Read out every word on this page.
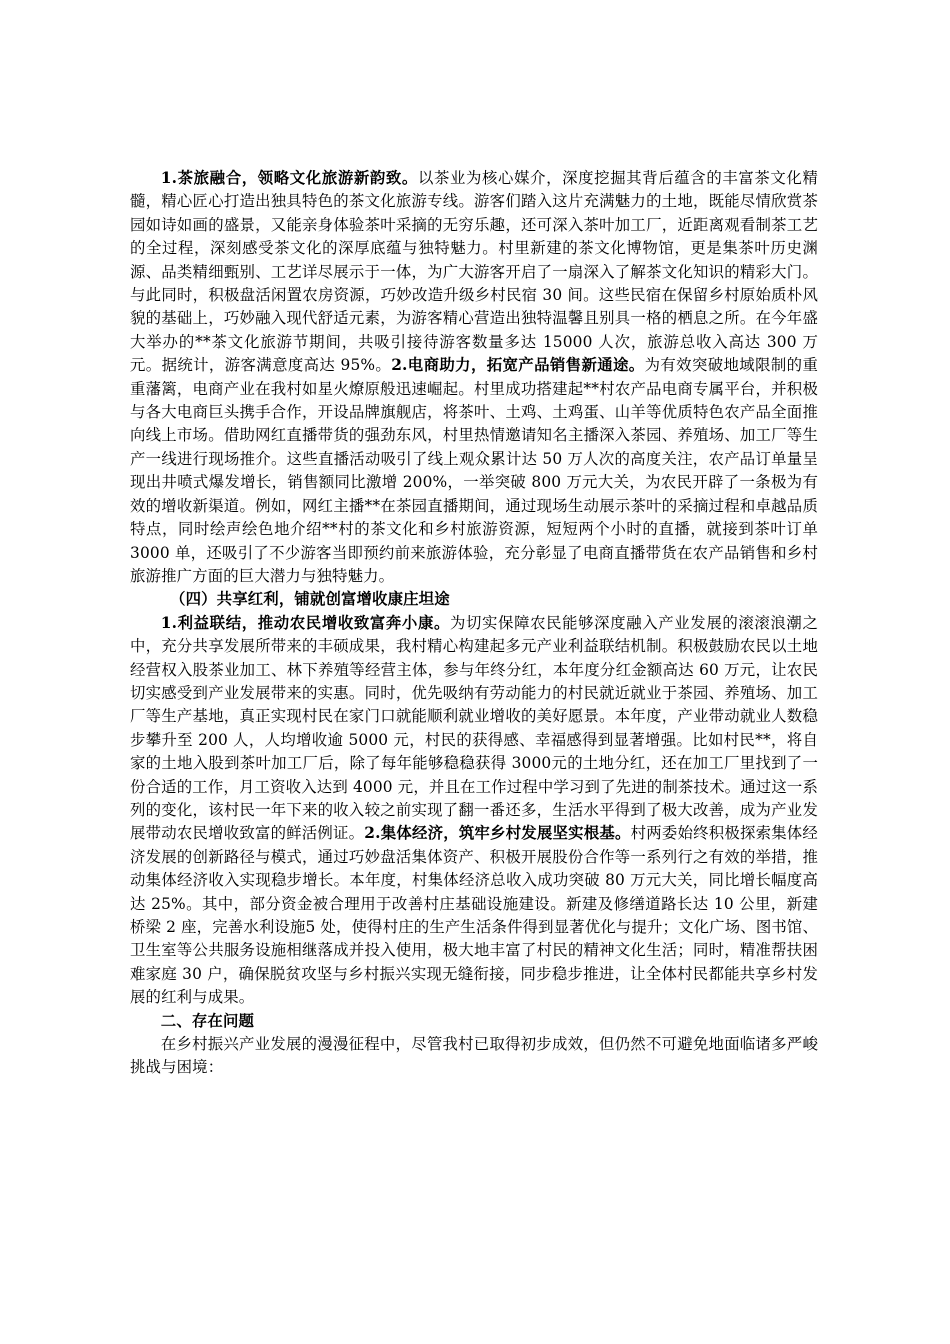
1.茶旅融合，领略文化旅游新韵致。以茶业为核心媒介，深度挖掘其背后蕴含的丰富茶文化精髓，精心匠心打造出独具特色的茶文化旅游专线。游客们踏入这片充满魅力的土地，既能尽情欣赏茶园如诗如画的盛景，又能亲身体验茶叶采摘的无穷乐趣，还可深入茶叶加工厂，近距离观看制茶工艺的全过程，深刻感受茶文化的深厚底蕴与独特魅力。村里新建的茶文化博物馆，更是集茶叶历史渊源、品类精细甄别、工艺详尽展示于一体，为广大游客开启了一扇深入了解茶文化知识的精彩大门。与此同时，积极盘活闲置农房资源，巧妙改造升级乡村民宿 30 间。这些民宿在保留乡村原始质朴风貌的基础上，巧妙融入现代舒适元素，为游客精心营造出独特温馨且别具一格的栖息之所。在今年盛大举办的**茶文化旅游节期间，共吸引接待游客数量多达 15000 人次，旅游总收入高达 300 万元。据统计，游客满意度高达 95%。2.电商助力，拓宽产品销售新通途。为有效突破地域限制的重重藩篱，电商产业在我村如星火燎原般迅速崛起。村里成功搭建起**村农产品电商专属平台，并积极与各大电商巨头携手合作，开设品牌旗舰店，将茶叶、土鸡、土鸡蛋、山羊等优质特色农产品全面推向线上市场。借助网红直播带货的强劲东风，村里热情邀请知名主播深入茶园、养殖场、加工厂等生产一线进行现场推介。这些直播活动吸引了线上观众累计达 50 万人次的高度关注，农产品订单量呈现出井喷式爆发增长，销售额同比激增 200%，一举突破 800 万元大关，为农民开辟了一条极为有效的增收新渠道。例如，网红主播**在茶园直播期间，通过现场生动展示茶叶的采摘过程和卓越品质特点，同时绘声绘色地介绍**村的茶文化和乡村旅游资源，短短两个小时的直播，就接到茶叶订单 3000 单，还吸引了不少游客当即预约前来旅游体验，充分彰显了电商直播带货在农产品销售和乡村旅游推广方面的巨大潜力与独特魅力。

（四）共享红利，铺就创富增收康庄坦途

1.利益联结，推动农民增收致富奔小康。为切实保障农民能够深度融入产业发展的滚滚浪潮之中，充分共享发展所带来的丰硕成果，我村精心构建起多元产业利益联结机制。积极鼓励农民以土地经营权入股茶业加工、林下养殖等经营主体，参与年终分红，本年度分红金额高达 60 万元，让农民切实感受到产业发展带来的实惠。同时，优先吸纳有劳动能力的村民就近就业于茶园、养殖场、加工厂等生产基地，真正实现村民在家门口就能顺利就业增收的美好愿景。本年度，产业带动就业人数稳步攀升至 200 人，人均增收逾 5000 元，村民的获得感、幸福感得到显著增强。比如村民**，将自家的土地入股到茶叶加工厂后，除了每年能够稳稳获得 3000元的土地分红，还在加工厂里找到了一份合适的工作，月工资收入达到 4000 元，并且在工作过程中学习到了先进的制茶技术。通过这一系列的变化，该村民一年下来的收入较之前实现了翻一番还多，生活水平得到了极大改善，成为产业发展带动农民增收致富的鲜活例证。2.集体经济，筑牢乡村发展坚实根基。村两委始终积极探索集体经济发展的创新路径与模式，通过巧妙盘活集体资产、积极开展股份合作等一系列行之有效的举措，推动集体经济收入实现稳步增长。本年度，村集体经济总收入成功突破 80 万元大关，同比增长幅度高达 25%。其中，部分资金被合理用于改善村庄基础设施建设。新建及修缮道路长达 10 公里，新建桥梁 2 座，完善水利设施5 处，使得村庄的生产生活条件得到显著优化与提升；文化广场、图书馆、卫生室等公共服务设施相继落成并投入使用，极大地丰富了村民的精神文化生活；同时，精准帮扶困难家庭 30 户，确保脱贫攻坚与乡村振兴实现无缝衔接，同步稳步推进，让全体村民都能共享乡村发展的红利与成果。

二、存在问题

在乡村振兴产业发展的漫漫征程中，尽管我村已取得初步成效，但仍然不可避免地面临诸多严峻挑战与困境：
